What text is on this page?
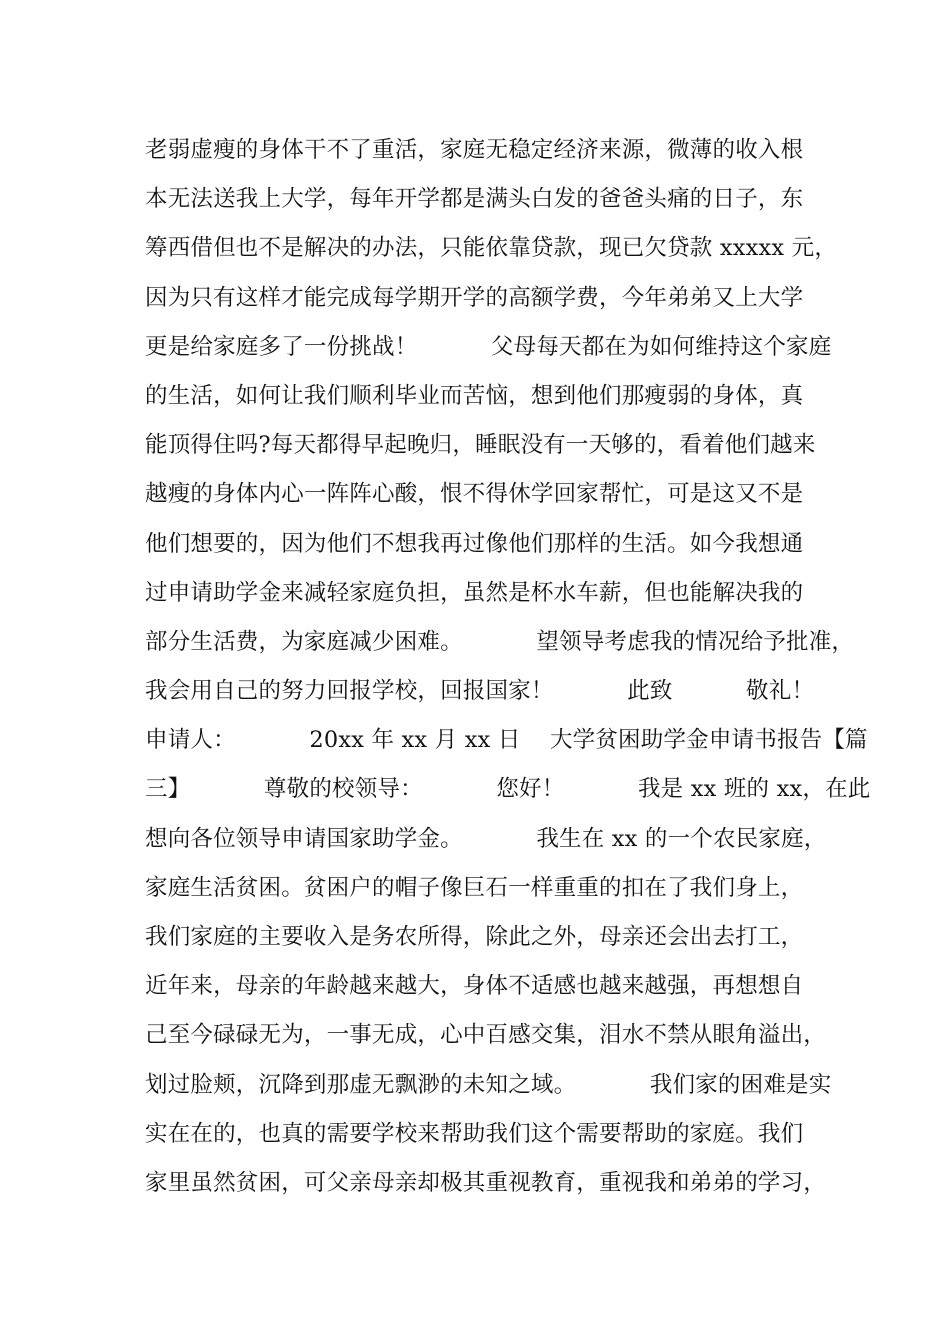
老弱虚瘦的身体干不了重活，家庭无稳定经济来源，微薄的收入根
本无法送我上大学，每年开学都是满头白发的爸爸头痛的日子，东
筹西借但也不是解决的办法，只能依靠贷款，现已欠贷款 xxxxx 元，
因为只有这样才能完成每学期开学的高额学费，今年弟弟又上大学
更是给家庭多了一份挑战！          父母每天都在为如何维持这个家庭
的生活，如何让我们顺利毕业而苦恼，想到他们那瘦弱的身体，真
能顶得住吗?每天都得早起晚归，睡眠没有一天够的，看着他们越来
越瘦的身体内心一阵阵心酸，恨不得休学回家帮忙，可是这又不是
他们想要的，因为他们不想我再过像他们那样的生活。如今我想通
过申请助学金来减轻家庭负担，虽然是杯水车薪，但也能解决我的
部分生活费，为家庭减少困难。          望领导考虑我的情况给予批准，
我会用自己的努力回报学校，回报国家！          此致          敬礼！
申请人：          20xx 年 xx 月 xx 日    大学贫困助学金申请书报告【篇
三】          尊敬的校领导：          您好！          我是 xx 班的 xx，在此
想向各位领导申请国家助学金。          我生在 xx 的一个农民家庭，
家庭生活贫困。贫困户的帽子像巨石一样重重的扣在了我们身上，
我们家庭的主要收入是务农所得，除此之外，母亲还会出去打工，
近年来，母亲的年龄越来越大，身体不适感也越来越强，再想想自
己至今碌碌无为，一事无成，心中百感交集，泪水不禁从眼角溢出，
划过脸颊，沉降到那虚无飘渺的未知之域。          我们家的困难是实
实在在的，也真的需要学校来帮助我们这个需要帮助的家庭。我们
家里虽然贫困，可父亲母亲却极其重视教育，重视我和弟弟的学习，
